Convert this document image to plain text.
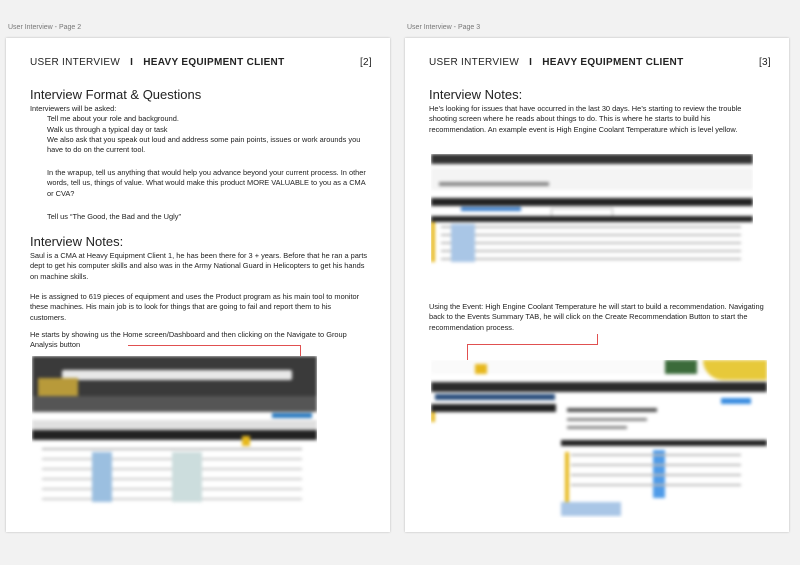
User Interview - Page 2
USER INTERVIEW I HEAVY EQUIPMENT CLIENT	[2]
Interview Format & Questions

Interviewers will be asked:

Tell me about your role and background.

Walk us through a typical day or task

We also ask that you speak out loud and address some pain points, issues or work arounds you have to do on the current tool.

In the wrapup, tell us anything that would help you advance beyond your current process. In other words, tell us, things of value. What would make this product MORE VALUABLE to you as a CMA or CVA?

Tell us “The Good, the Bad and the Ugly”

Interview Notes:
Saul is a CMA at Heavy Equipment Client 1, he has been there for 3 + years. Before that he ran a parts dept to get his computer skills and also was in the Army National Guard in Helicopters to get his hands on machine skills.
He is assigned to 619 pieces of equipment and uses the Product program as his main tool to monitor these machines. His main job is to look for things that are going to fail and report them to his customers.
He starts by showing us the Home screen/Dashboard and then clicking on the Navigate to Group Analysis button
User Interview - Page 3
USER INTERVIEW I HEAVY EQUIPMENT CLIENT	[3]
Interview Notes:
He’s looking for issues that have occurred in the last 30 days. He’s starting to review the trouble shooting screen where he reads about things to do. This is where he starts to build his recommendation. An example event is High Engine Coolant Temperature which is level yellow.
Using the Event: High Engine Coolant Temperature he will start to build a recommendation. Navigating back to the Events Summary TAB, he will click on the Create Recommendation Button to start the recommendation process.
